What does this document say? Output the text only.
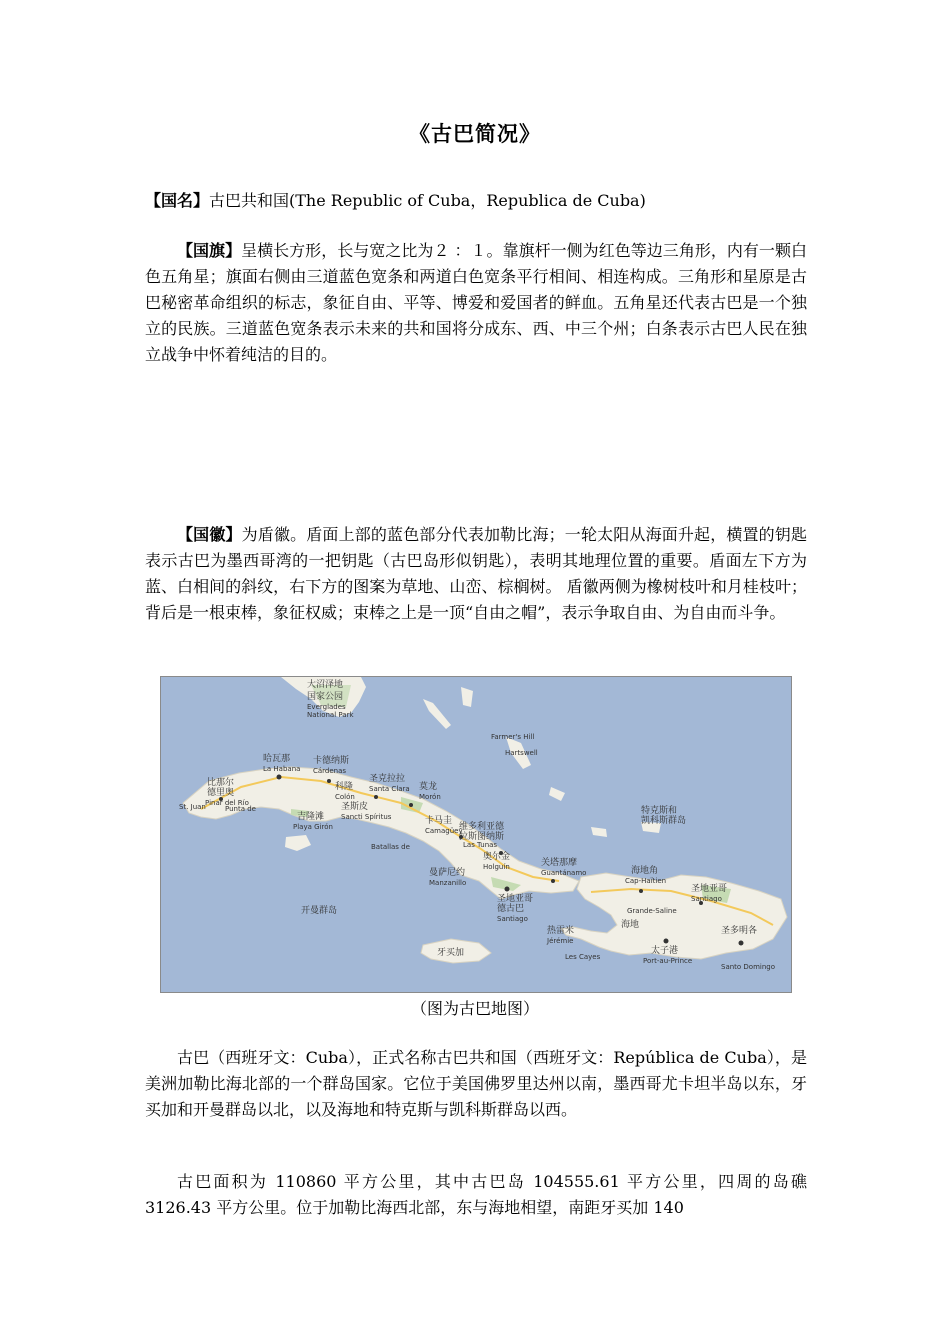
《古巴简况》

【国名】古巴共和国(The Republic of Cuba，Republica de Cuba)

【国旗】呈横长方形，长与宽之比为２ ：１。靠旗杆一侧为红色等边三角形，内有一颗白色五角星；旗面右侧由三道蓝色宽条和两道白色宽条平行相间、相连构成。三角形和星原是古巴秘密革命组织的标志，象征自由、平等、博爱和爱国者的鲜血。五角星还代表古巴是一个独立的民族。三道蓝色宽条表示未来的共和国将分成东、西、中三个州；白条表示古巴人民在独立战争中怀着纯洁的目的。

【国徽】为盾徽。盾面上部的蓝色部分代表加勒比海；一轮太阳从海面升起，横置的钥匙表示古巴为墨西哥湾的一把钥匙（古巴岛形似钥匙），表明其地理位置的重要。盾面左下方为蓝、白相间的斜纹，右下方的图案为草地、山峦、棕榈树。 盾徽两侧为橡树枝叶和月桂枝叶；背后是一根束棒，象征权威；束棒之上是一顶“自由之帽”，表示争取自由、为自由而斗争。

大沼泽地
国家公园
Everglades
National Park
哈瓦那
La Habana
卡德纳斯
Cárdenas
比那尔
德里奥
Pinar del Río
St. Juan	Punta de
科隆
Colón
圣克拉拉
Santa Clara 莫龙
Morón
吉隆滩
Playa Girón
圣斯皮
Sancti Spíritus	卡马圭
Camagüey
Batallas de	Las Tunas
维多利亚德
拉斯图纳斯
奥尔金
Holguín
曼萨尼约
Manzanillo
关塔那摩
Guantánamo
圣地亚哥
德古巴
Santiago
Farmer's Hill
Hartswell
海地角
Cap-Haïtien
圣地亚哥
Santiago
Grande-Saline
海地
太子港
Port-au-Prince
热雷米
Jérémie
Les Cayes
圣多明各
Santo Domingo
特克斯和
凯科斯群岛
牙买加
开曼群岛
（图为古巴地图）

古巴（西班牙文：Cuba），正式名称古巴共和国（西班牙文：República de Cuba），是美洲加勒比海北部的一个群岛国家。它位于美国佛罗里达州以南，墨西哥尤卡坦半岛以东，牙买加和开曼群岛以北，以及海地和特克斯与凯科斯群岛以西。

古巴面积为 110860 平方公里，其中古巴岛 104555.61 平方公里，四周的岛礁 3126.43 平方公里。位于加勒比海西北部，东与海地相望，南距牙买加 140
